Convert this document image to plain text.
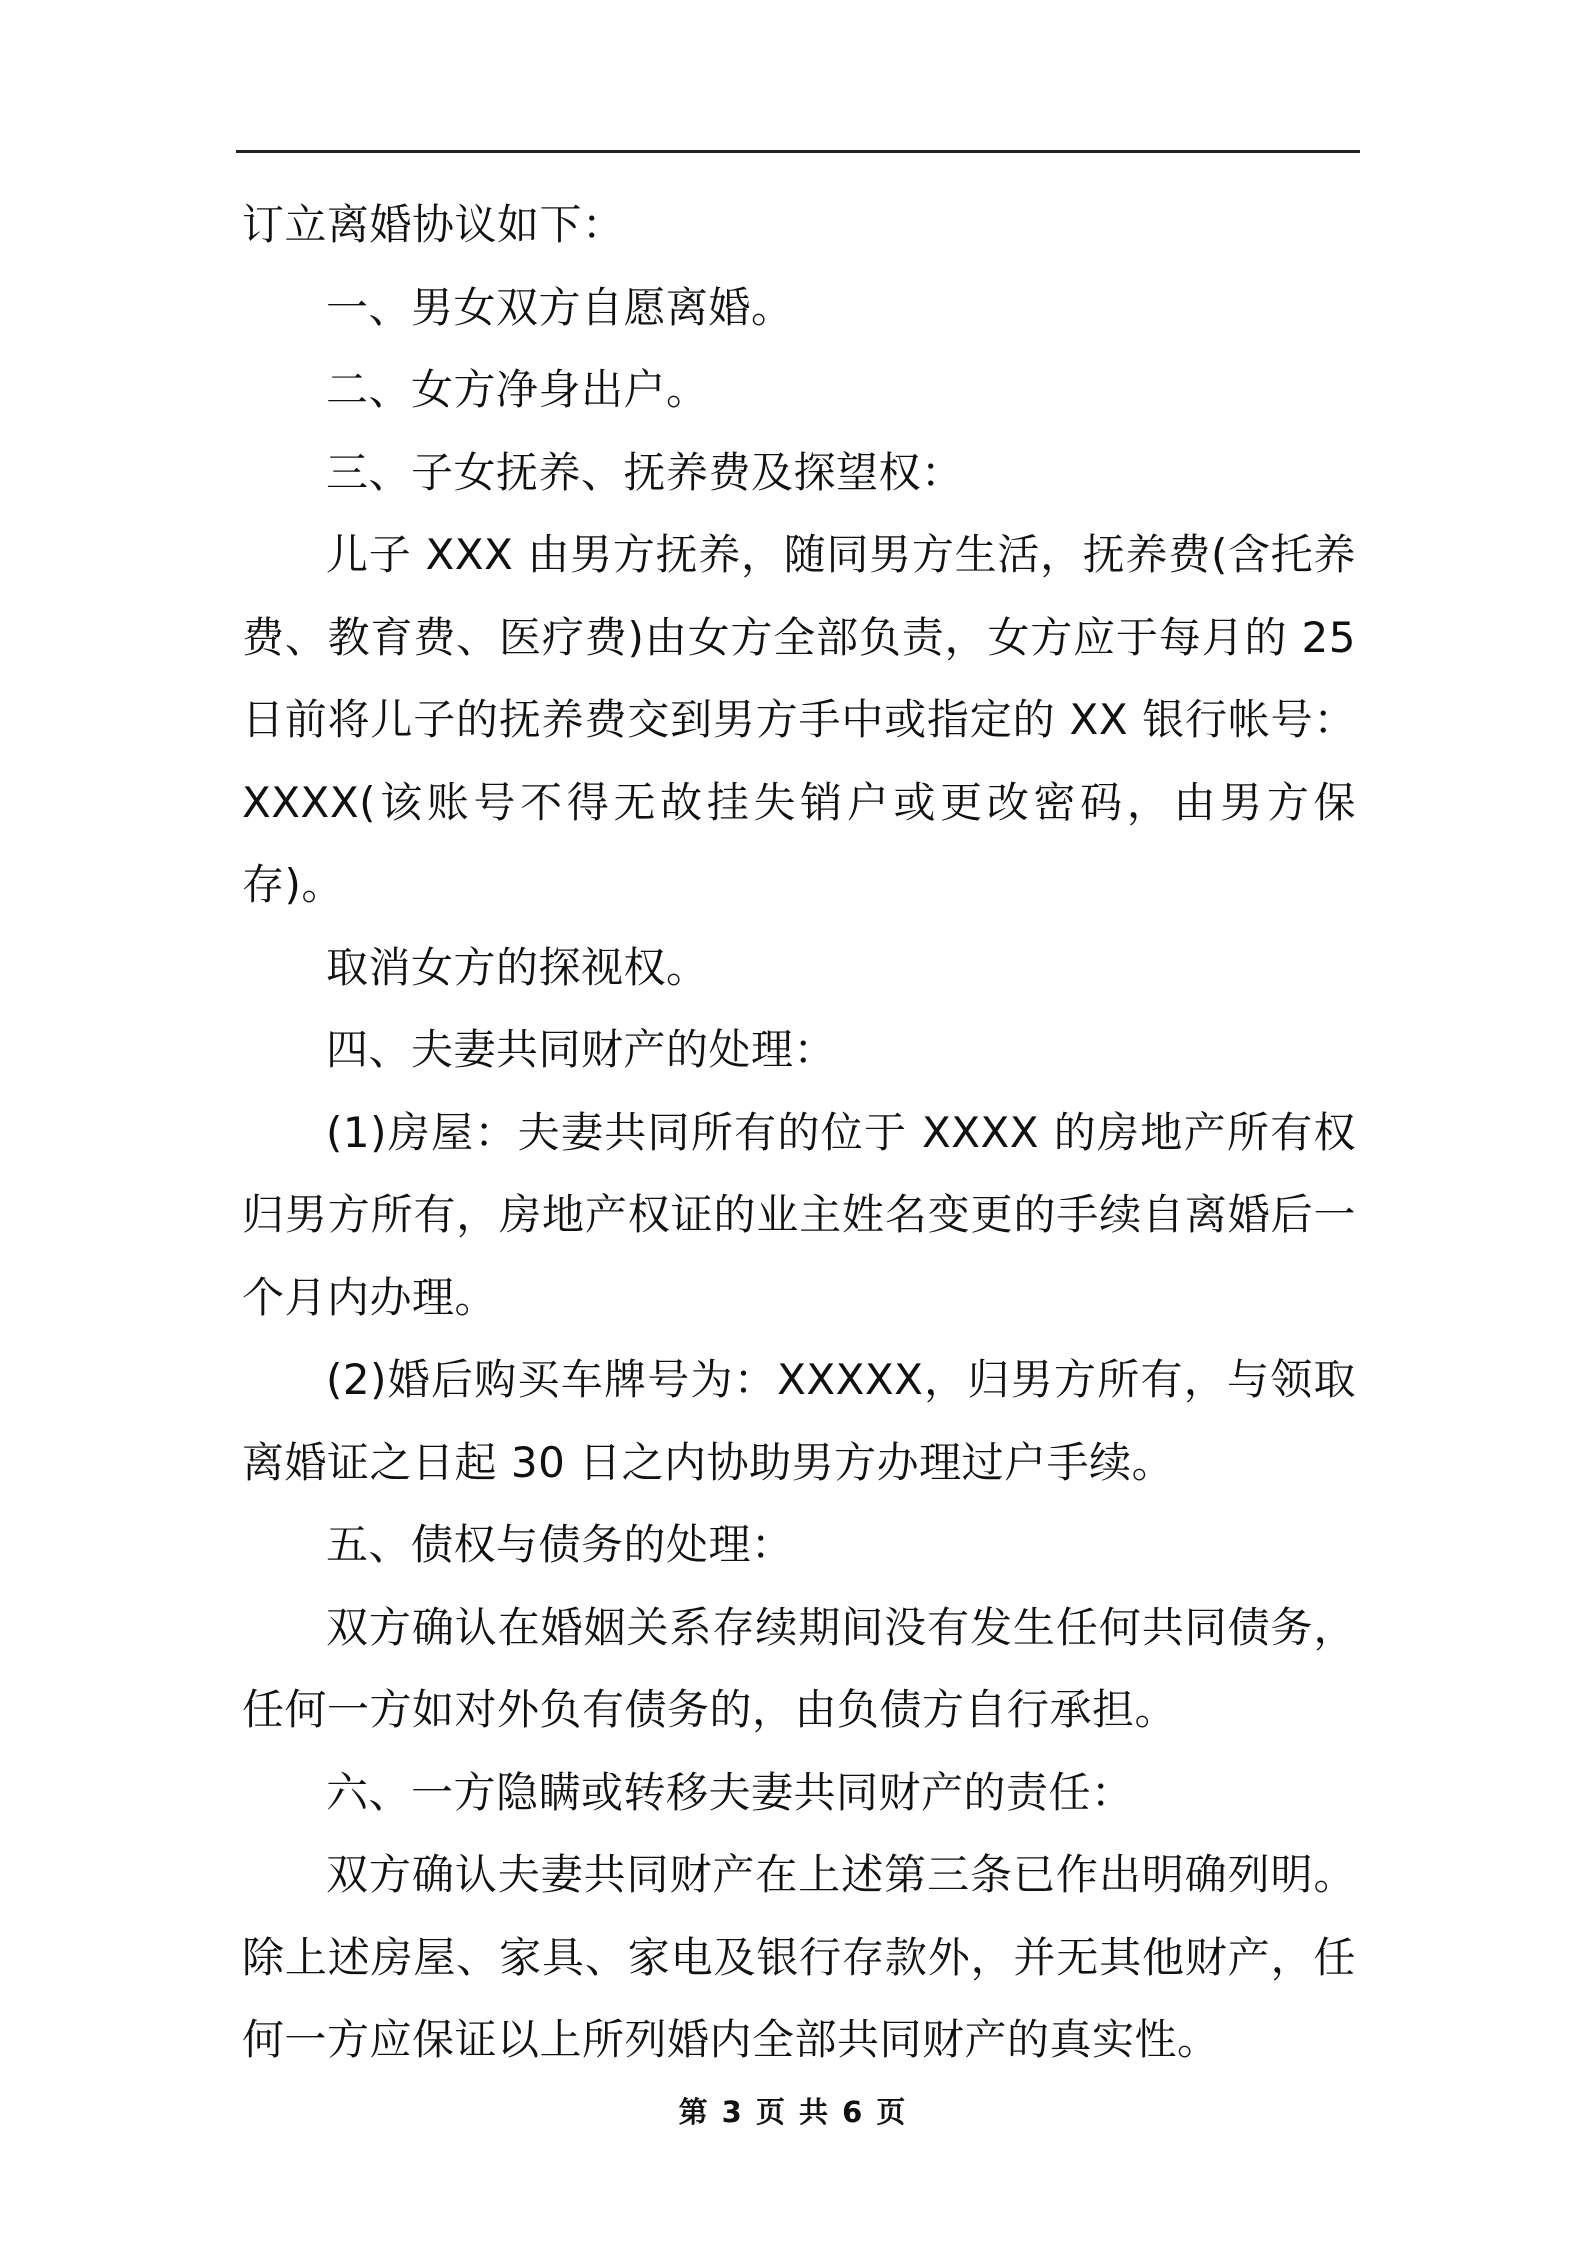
订立离婚协议如下：

一、男女双方自愿离婚。

二、女方净身出户。

三、子女抚养、抚养费及探望权：

儿子 XXX 由男方抚养，随同男方生活，抚养费(含托养费、教育费、医疗费)由女方全部负责，女方应于每月的 25 日前将儿子的抚养费交到男方手中或指定的 XX 银行帐号：XXXX(该账号不得无故挂失销户或更改密码，由男方保存)。

取消女方的探视权。

四、夫妻共同财产的处理：

(1)房屋：夫妻共同所有的位于 XXXX 的房地产所有权归男方所有，房地产权证的业主姓名变更的手续自离婚后一个月内办理。

(2)婚后购买车牌号为：XXXXX，归男方所有，与领取离婚证之日起 30 日之内协助男方办理过户手续。

五、债权与债务的处理：

双方确认在婚姻关系存续期间没有发生任何共同债务，任何一方如对外负有债务的，由负债方自行承担。

六、一方隐瞒或转移夫妻共同财产的责任：

双方确认夫妻共同财产在上述第三条已作出明确列明。除上述房屋、家具、家电及银行存款外，并无其他财产，任何一方应保证以上所列婚内全部共同财产的真实性。

第 3 页 共 6 页
